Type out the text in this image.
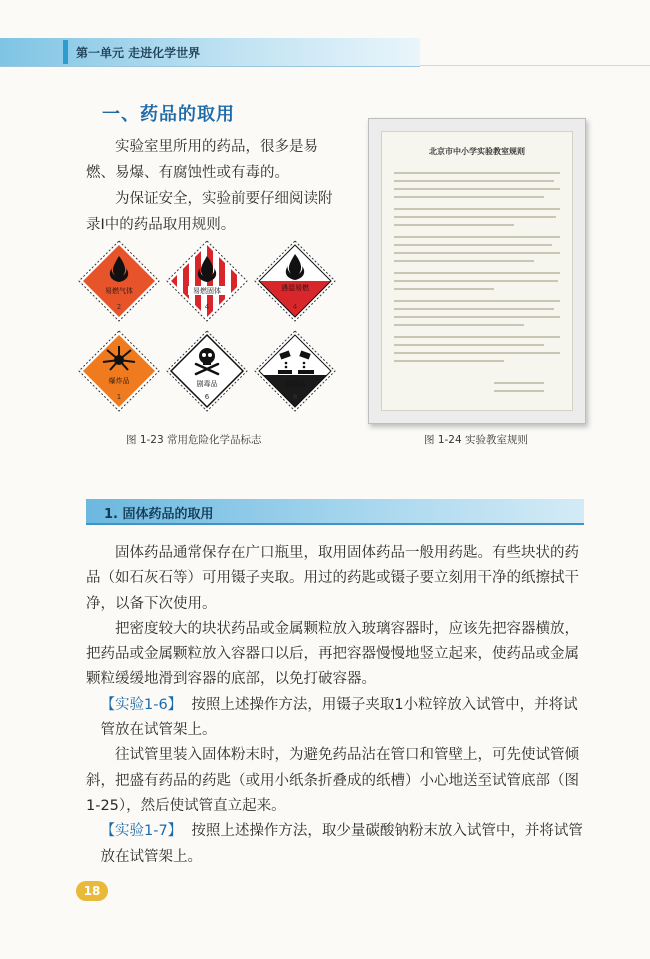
第一单元 走进化学世界
一、药品的取用

实验室里所用的药品，很多是易燃、易爆、有腐蚀性或有毒的。

为保证安全，实验前要仔细阅读附录Ⅰ中的药品取用规则。

易燃气体
2
易燃固体
4
遇湿易燃
4
爆炸品
1
剧毒品
6
腐蚀品
8
图 1-23 常用危险化学品标志
北京市中小学实验教室规则
图 1-24 实验教室规则
1. 固体药品的取用

固体药品通常保存在广口瓶里，取用固体药品一般用药匙。有些块状的药品（如石灰石等）可用镊子夹取。用过的药匙或镊子要立刻用干净的纸擦拭干净，以备下次使用。

把密度较大的块状药品或金属颗粒放入玻璃容器时，应该先把容器横放，把药品或金属颗粒放入容器口以后，再把容器慢慢地竖立起来，使药品或金属颗粒缓缓地滑到容器的底部，以免打破容器。

【实验1-6】 按照上述操作方法，用镊子夹取1小粒锌放入试管中，并将试管放在试管架上。

往试管里装入固体粉末时，为避免药品沾在管口和管壁上，可先使试管倾斜，把盛有药品的药匙（或用小纸条折叠成的纸槽）小心地送至试管底部（图 1-25），然后使试管直立起来。

【实验1-7】 按照上述操作方法，取少量碳酸钠粉末放入试管中，并将试管放在试管架上。

18
